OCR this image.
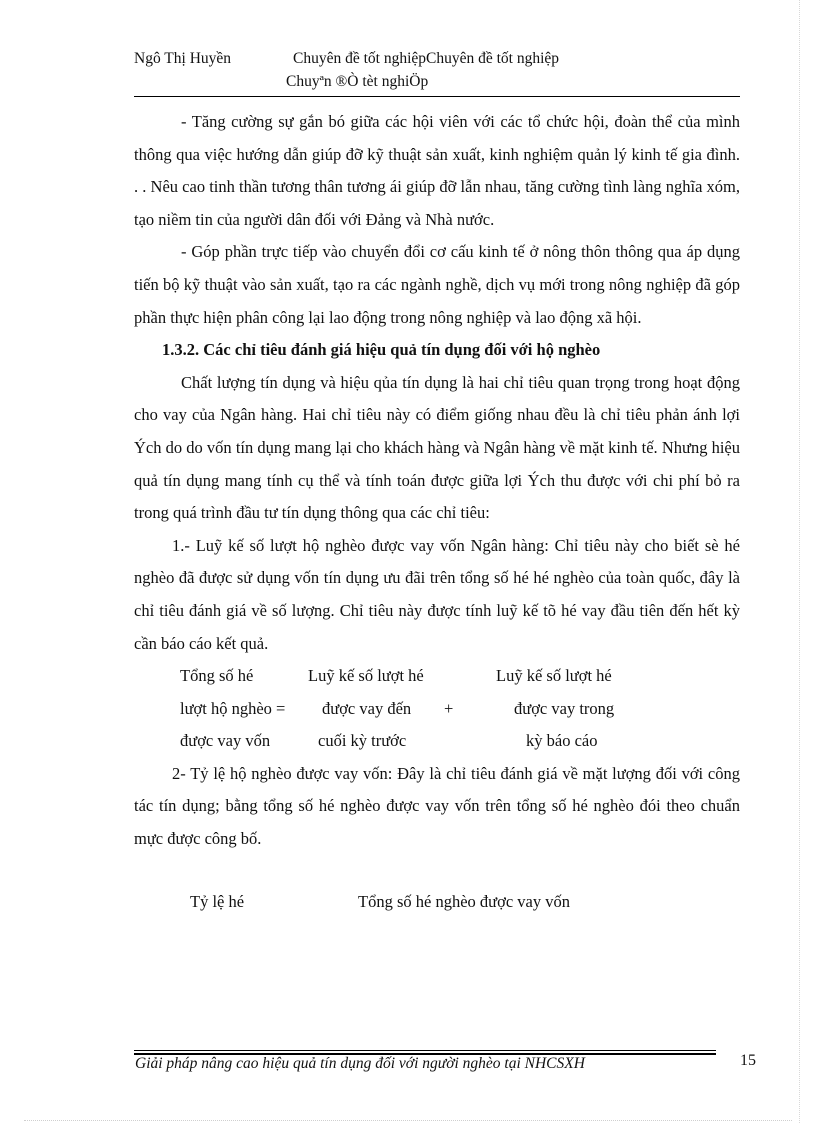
Ngô Thị Huyền	Chuyên đề tốt nghiệpChuyên đề tốt nghiệp
Chuyªn ®Ò tèt nghiÖp

- Tăng cường sự gắn bó giữa các hội viên với các tổ chức hội, đoàn thể của mình thông qua việc hướng dẫn giúp đỡ kỹ thuật sản xuất, kinh nghiệm quản lý kinh tế gia đình. . . Nêu cao tinh thần tương thân tương ái giúp đỡ lẫn nhau, tăng cường tình làng nghĩa xóm, tạo niềm tin của người dân đối với Đảng và Nhà nước.

- Góp phần trực tiếp vào chuyển đổi cơ cấu kinh tế ở nông thôn thông qua áp dụng tiến bộ kỹ thuật vào sản xuất, tạo ra các ngành nghề, dịch vụ mới trong nông nghiệp đã góp phần thực hiện phân công lại lao động trong nông nghiệp và lao động xã hội.

1.3.2. Các chỉ tiêu đánh giá hiệu quả tín dụng đối với hộ nghèo

Chất lượng tín dụng và hiệu qủa tín dụng là hai chỉ tiêu quan trọng trong hoạt động cho vay của Ngân hàng. Hai chỉ tiêu này có điểm giống nhau đều là chỉ tiêu phản ánh lợi Ých do do vốn tín dụng mang lại cho khách hàng và Ngân hàng về mặt kinh tế. Nhưng hiệu quả tín dụng mang tính cụ thể và tính toán được giữa lợi Ých thu được với chi phí bỏ ra trong quá trình đầu tư tín dụng thông qua các chỉ tiêu:

1.- Luỹ kế số lượt hộ nghèo được vay vốn Ngân hàng: Chỉ tiêu này cho biết sè hé nghèo đã được sử dụng vốn tín dụng ưu đãi trên tổng số hé hé nghèo của toàn quốc, đây là chỉ tiêu đánh giá về số lượng. Chỉ tiêu này được tính luỹ kế tõ hé vay đầu tiên đến hết kỳ cần báo cáo kết quả.

Tổng số hé	Luỹ kế số lượt hé	Luỹ kế số lượt hé
lượt hộ nghèo = được vay đến +	được vay trong
được vay vốn	cuối kỳ trước	kỳ báo cáo

2- Tỷ lệ hộ nghèo được vay vốn: Đây là chỉ tiêu đánh giá về mặt lượng đối với công tác tín dụng; bằng tổng số hé nghèo được vay vốn trên tổng số hé nghèo đói theo chuẩn mực được công bố.

Tỷ lệ hé	Tổng số hé nghèo được vay vốn
Giải pháp nâng cao hiệu quả tín dụng đối với người nghèo tại NHCSXH	15
